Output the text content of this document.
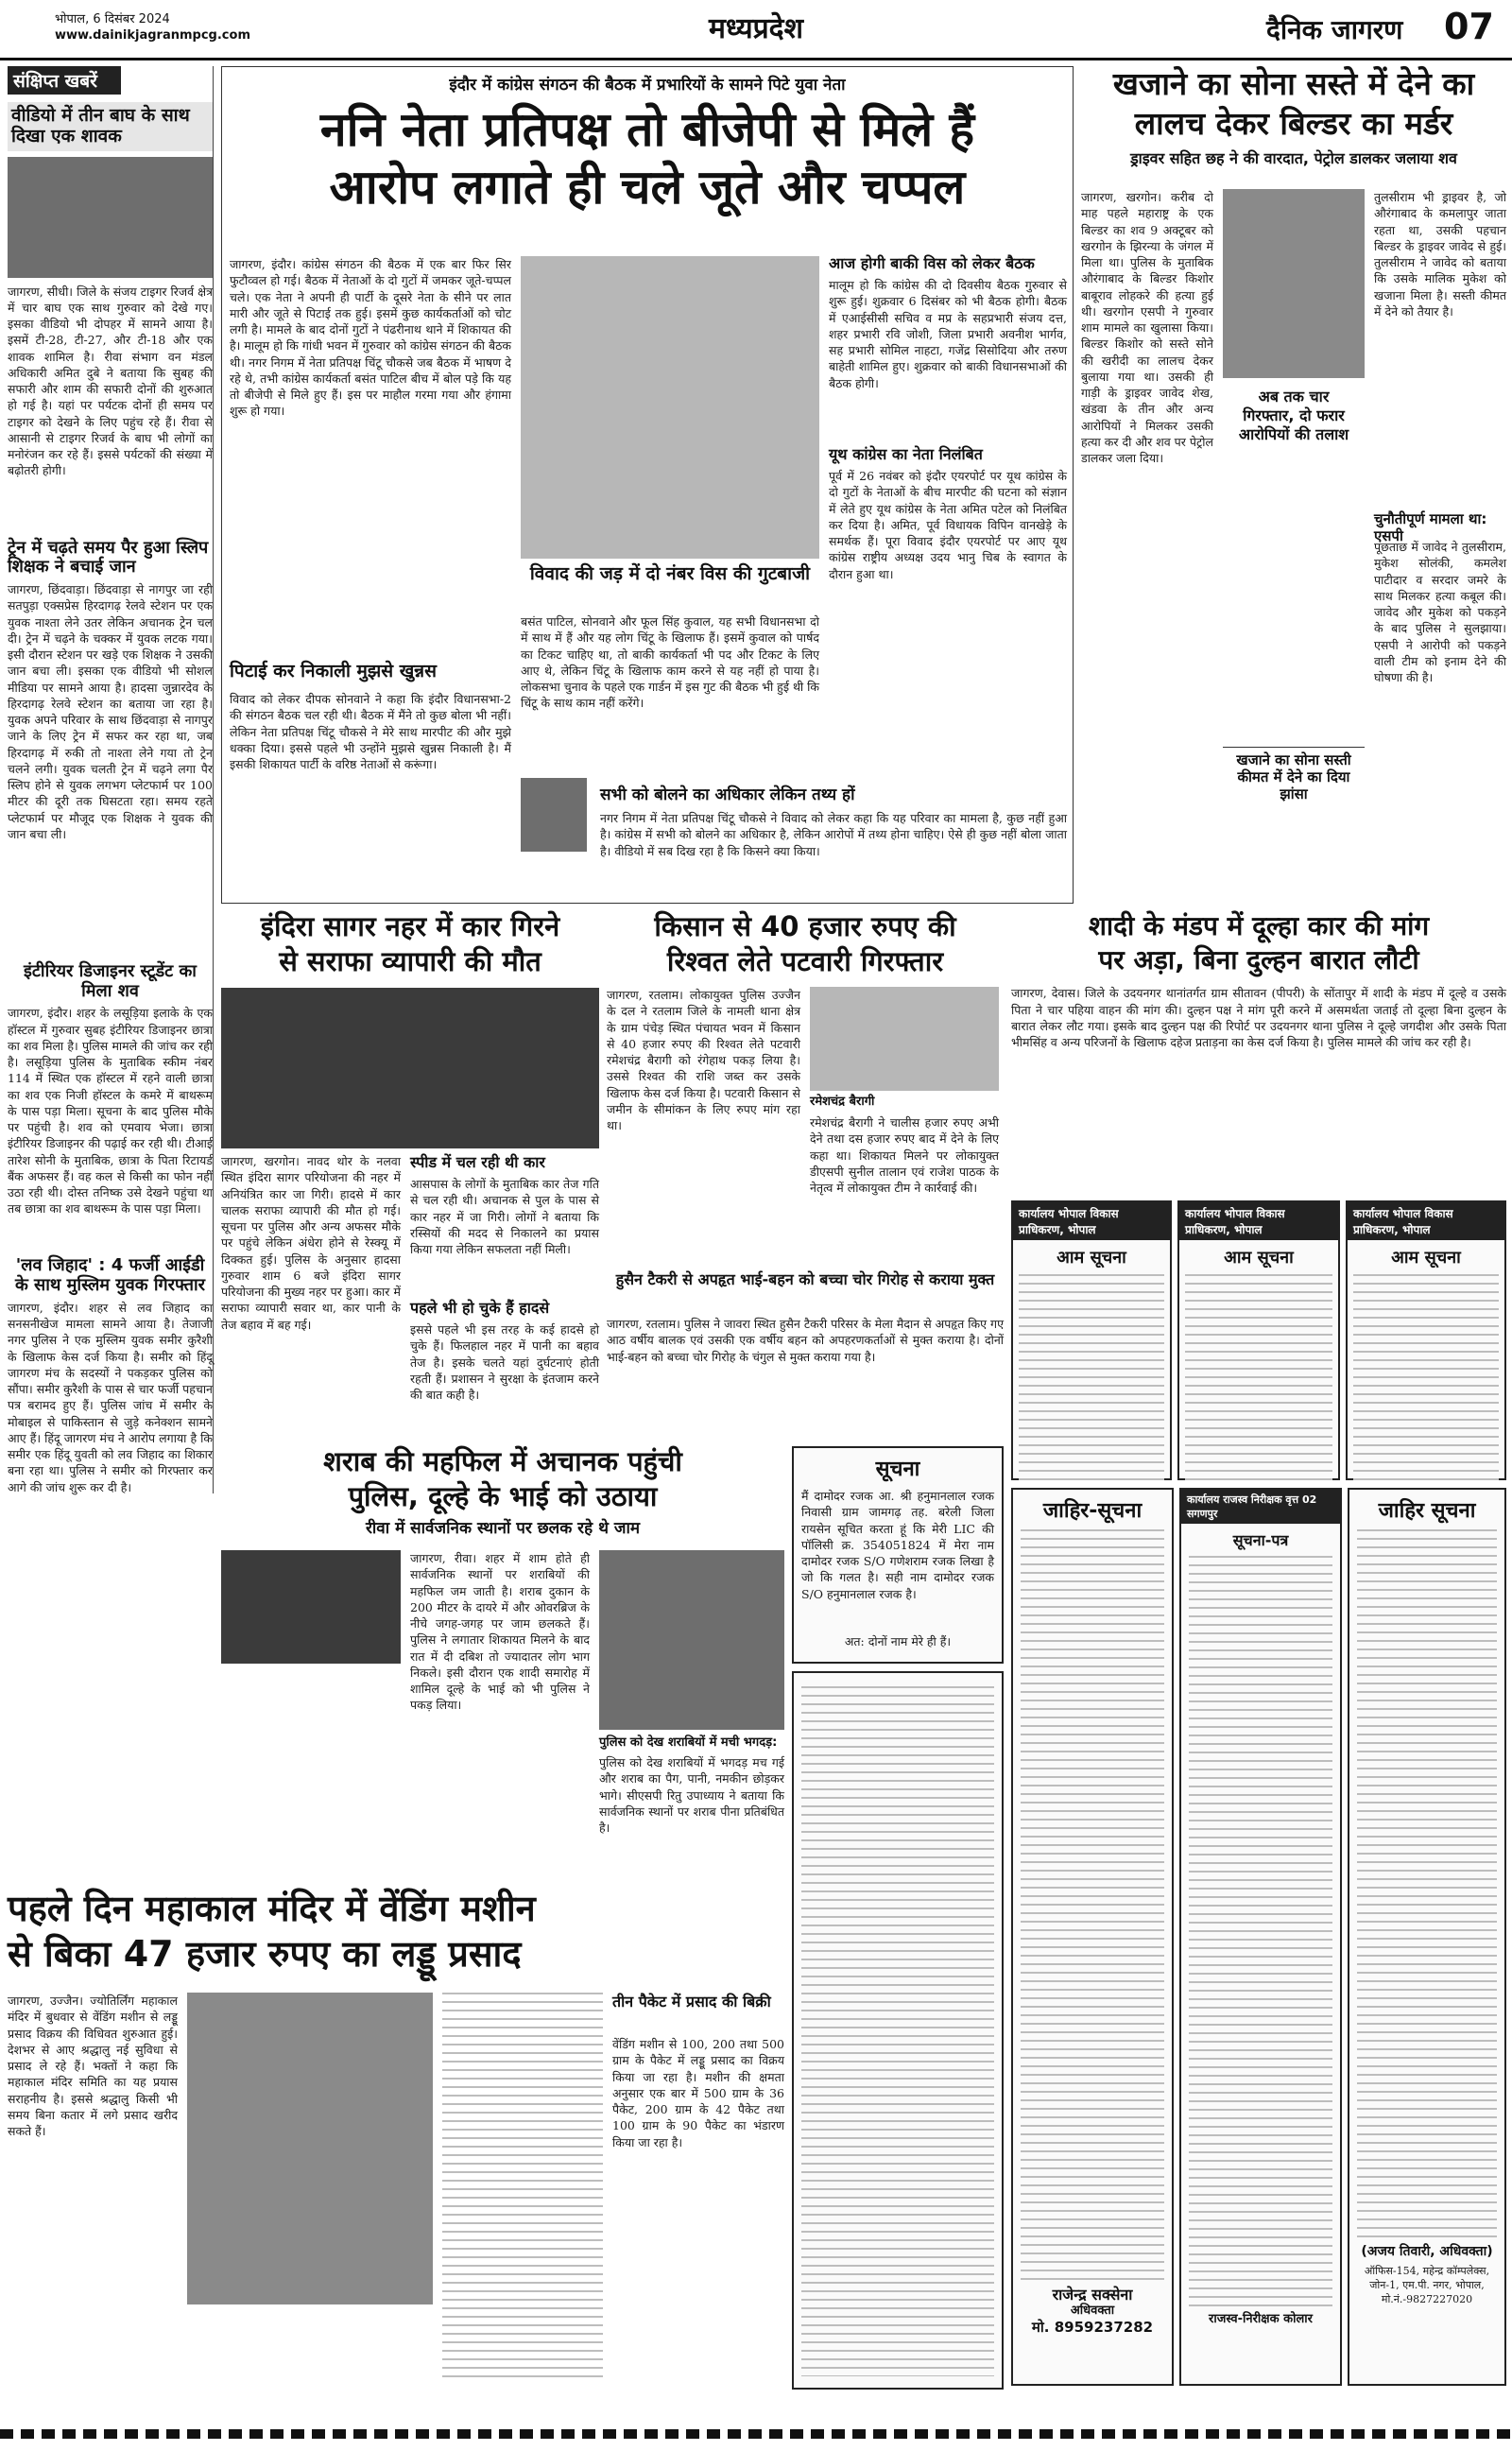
भोपाल, 6 दिसंबर 2024
www.dainikjagranmpcg.com	मध्यप्रदेश	दैनिक जागरण 07
संक्षिप्त खबरें
वीडियो में तीन बाघ के साथ दिखा एक शावक
जागरण, सीधी। जिले के संजय टाइगर रिजर्व क्षेत्र में चार बाघ एक साथ गुरुवार को देखे गए। इसका वीडियो भी दोपहर में सामने आया है। इसमें टी-28, टी-27, और टी-18 और एक शावक शामिल है। रीवा संभाग वन मंडल अधिकारी अमित दुबे ने बताया कि सुबह की सफारी और शाम की सफारी दोनों की शुरुआत हो गई है। यहां पर पर्यटक दोनों ही समय पर टाइगर को देखने के लिए पहुंच रहे हैं। रीवा से आसानी से टाइगर रिजर्व के बाघ भी लोगों का मनोरंजन कर रहे हैं। इससे पर्यटकों की संख्या में बढ़ोतरी होगी।
ट्रेन में चढ़ते समय पैर हुआ स्लिप शिक्षक ने बचाई जान
जागरण, छिंदवाड़ा। छिंदवाड़ा से नागपुर जा रही सतपुड़ा एक्सप्रेस हिरदागढ़ रेलवे स्टेशन पर एक युवक नाश्ता लेने उतर लेकिन अचानक ट्रेन चल दी। ट्रेन में चढ़ने के चक्कर में युवक लटक गया। इसी दौरान स्टेशन पर खड़े एक शिक्षक ने उसकी जान बचा ली। इसका एक वीडियो भी सोशल मीडिया पर सामने आया है। हादसा जुन्नारदेव के हिरदागढ़ रेलवे स्टेशन का बताया जा रहा है। युवक अपने परिवार के साथ छिंदवाड़ा से नागपुर जाने के लिए ट्रेन में सफर कर रहा था, जब हिरदागढ़ में रुकी तो नाश्ता लेने गया तो ट्रेन चलने लगी। युवक चलती ट्रेन में चढ़ने लगा पैर स्लिप होने से युवक लगभग प्लेटफार्म पर 100 मीटर की दूरी तक घिसटता रहा। समय रहते प्लेटफार्म पर मौजूद एक शिक्षक ने युवक की जान बचा ली।
इंटीरियर डिजाइनर स्टूडेंट का मिला शव
जागरण, इंदौर। शहर के लसूड़िया इलाके के एक हॉस्टल में गुरुवार सुबह इंटीरियर डिजाइनर छात्रा का शव मिला है। पुलिस मामले की जांच कर रही है। लसूड़िया पुलिस के मुताबिक स्कीम नंबर 114 में स्थित एक हॉस्टल में रहने वाली छात्रा का शव एक निजी हॉस्टल के कमरे में बाथरूम के पास पड़ा मिला। सूचना के बाद पुलिस मौके पर पहुंची है। शव को एमवाय भेजा। छात्रा इंटीरियर डिजाइनर की पढ़ाई कर रही थी। टीआई तारेश सोनी के मुताबिक, छात्रा के पिता रिटायर्ड बैंक अफसर हैं। वह कल से किसी का फोन नहीं उठा रही थी। दोस्त तनिष्क उसे देखने पहुंचा था तब छात्रा का शव बाथरूम के पास पड़ा मिला।
'लव जिहाद' : 4 फर्जी आईडी के साथ मुस्लिम युवक गिरफ्तार
जागरण, इंदौर। शहर से लव जिहाद का सनसनीखेज मामला सामने आया है। तेजाजी नगर पुलिस ने एक मुस्लिम युवक समीर कुरैशी के खिलाफ केस दर्ज किया है। समीर को हिंदू जागरण मंच के सदस्यों ने पकड़कर पुलिस को सौंपा। समीर कुरैशी के पास से चार फर्जी पहचान पत्र बरामद हुए हैं। पुलिस जांच में समीर के मोबाइल से पाकिस्तान से जुड़े कनेक्शन सामने आए हैं। हिंदू जागरण मंच ने आरोप लगाया है कि समीर एक हिंदू युवती को लव जिहाद का शिकार बना रहा था। पुलिस ने समीर को गिरफ्तार कर आगे की जांच शुरू कर दी है।
इंदौर में कांग्रेस संगठन की बैठक में प्रभारियों के सामने पिटे युवा नेता
ननि नेता प्रतिपक्ष तो बीजेपी से मिले हैं
आरोप लगाते ही चले जूते और चप्पल
जागरण, इंदौर। कांग्रेस संगठन की बैठक में एक बार फिर सिर फुटौव्वल हो गई। बैठक में नेताओं के दो गुटों में जमकर जूते-चप्पल चले। एक नेता ने अपनी ही पार्टी के दूसरे नेता के सीने पर लात मारी और जूते से पिटाई तक हुई। इसमें कुछ कार्यकर्ताओं को चोट लगी है। मामले के बाद दोनों गुटों ने पंढरीनाथ थाने में शिकायत की है। मालूम हो कि गांधी भवन में गुरुवार को कांग्रेस संगठन की बैठक थी। नगर निगम में नेता प्रतिपक्ष चिंटू चौकसे जब बैठक में भाषण दे रहे थे, तभी कांग्रेस कार्यकर्ता बसंत पाटिल बीच में बोल पड़े कि यह तो बीजेपी से मिले हुए हैं। इस पर माहौल गरमा गया और हंगामा शुरू हो गया।
विवाद की जड़ में दो नंबर विस की गुटबाजी
बसंत पाटिल, सोनवाने और फूल सिंह कुवाल, यह सभी विधानसभा दो में साथ में हैं और यह लोग चिंटू के खिलाफ हैं। इसमें कुवाल को पार्षद का टिकट चाहिए था, तो बाकी कार्यकर्ता भी पद और टिकट के लिए आए थे, लेकिन चिंटू के खिलाफ काम करने से यह नहीं हो पाया है। लोकसभा चुनाव के पहले एक गार्डन में इस गुट की बैठक भी हुई थी कि चिंटू के साथ काम नहीं करेंगे।
पिटाई कर निकाली मुझसे खुन्नस
विवाद को लेकर दीपक सोनवाने ने कहा कि इंदौर विधानसभा-2 की संगठन बैठक चल रही थी। बैठक में मैंने तो कुछ बोला भी नहीं। लेकिन नेता प्रतिपक्ष चिंटू चौकसे ने मेरे साथ मारपीट की और मुझे धक्का दिया। इससे पहले भी उन्होंने मुझसे खुन्नस निकाली है। मैं इसकी शिकायत पार्टी के वरिष्ठ नेताओं से करूंगा।
आज होगी बाकी विस को लेकर बैठक
मालूम हो कि कांग्रेस की दो दिवसीय बैठक गुरुवार से शुरू हुई। शुक्रवार 6 दिसंबर को भी बैठक होगी। बैठक में एआईसीसी सचिव व मप्र के सहप्रभारी संजय दत्त, शहर प्रभारी रवि जोशी, जिला प्रभारी अवनीश भार्गव, सह प्रभारी सोमिल नाहटा, गजेंद्र सिसोदिया और तरुण बाहेती शामिल हुए। शुक्रवार को बाकी विधानसभाओं की बैठक होगी।
यूथ कांग्रेस का नेता निलंबित
पूर्व में 26 नवंबर को इंदौर एयरपोर्ट पर यूथ कांग्रेस के दो गुटों के नेताओं के बीच मारपीट की घटना को संज्ञान में लेते हुए यूथ कांग्रेस के नेता अमित पटेल को निलंबित कर दिया है। अमित, पूर्व विधायक विपिन वानखेड़े के समर्थक हैं। पूरा विवाद इंदौर एयरपोर्ट पर आए यूथ कांग्रेस राष्ट्रीय अध्यक्ष उदय भानु चिब के स्वागत के दौरान हुआ था।
सभी को बोलने का अधिकार लेकिन तथ्य हों
नगर निगम में नेता प्रतिपक्ष चिंटू चौकसे ने विवाद को लेकर कहा कि यह परिवार का मामला है, कुछ नहीं हुआ है। कांग्रेस में सभी को बोलने का अधिकार है, लेकिन आरोपों में तथ्य होना चाहिए। ऐसे ही कुछ नहीं बोला जाता है। वीडियो में सब दिख रहा है कि किसने क्या किया।
खजाने का सोना सस्ते में देने का
लालच देकर बिल्डर का मर्डर
ड्राइवर सहित छह ने की वारदात, पेट्रोल डालकर जलाया शव
जागरण, खरगोन। करीब दो माह पहले महाराष्ट्र के एक बिल्डर का शव 9 अक्टूबर को खरगोन के झिरन्या के जंगल में मिला था। पुलिस के मुताबिक औरंगाबाद के बिल्डर किशोर बाबूराव लोहकरे की हत्या हुई थी। खरगोन एसपी ने गुरुवार शाम मामले का खुलासा किया। बिल्डर किशोर को सस्ते सोने की खरीदी का लालच देकर बुलाया गया था। उसकी ही गाड़ी के ड्राइवर जावेद शेख, खंडवा के तीन और अन्य आरोपियों ने मिलकर उसकी हत्या कर दी और शव पर पेट्रोल डालकर जला दिया।
अब तक चार
गिरफ्तार, दो फरार
आरोपियों की तलाश
तुलसीराम भी ड्राइवर है, जो औरंगाबाद के कमलापुर जाता रहता था, उसकी पहचान बिल्डर के ड्राइवर जावेद से हुई। तुलसीराम ने जावेद को बताया कि उसके मालिक मुकेश को खजाना मिला है। सस्ती कीमत में देने को तैयार है।
खजाने का सोना सस्ती कीमत में देने का दिया झांसा
चुनौतीपूर्ण मामला था: एसपी
पूछताछ में जावेद ने तुलसीराम, मुकेश सोलंकी, कमलेश पाटीदार व सरदार जमरे के साथ मिलकर हत्या कबूल की। जावेद और मुकेश को पकड़ने के बाद पुलिस ने सुलझाया। एसपी ने आरोपी को पकड़ने वाली टीम को इनाम देने की घोषणा की है।
इंदिरा सागर नहर में कार गिरने
से सराफा व्यापारी की मौत
जागरण, खरगोन। नावद थोर के नलवा स्थित इंदिरा सागर परियोजना की नहर में अनियंत्रित कार जा गिरी। हादसे में कार चालक सराफा व्यापारी की मौत हो गई। सूचना पर पुलिस और अन्य अफसर मौके पर पहुंचे लेकिन अंधेरा होने से रेस्क्यू में दिक्कत हुई। पुलिस के अनुसार हादसा गुरुवार शाम 6 बजे इंदिरा सागर परियोजना की मुख्य नहर पर हुआ। कार में सराफा व्यापारी सवार था, कार पानी के तेज बहाव में बह गई।
स्पीड में चल रही थी कार
आसपास के लोगों के मुताबिक कार तेज गति से चल रही थी। अचानक से पुल के पास से कार नहर में जा गिरी। लोगों ने बताया कि रस्सियों की मदद से निकालने का प्रयास किया गया लेकिन सफलता नहीं मिली।
पहले भी हो चुके हैं हादसे
इससे पहले भी इस तरह के कई हादसे हो चुके हैं। फिलहाल नहर में पानी का बहाव तेज है। इसके चलते यहां दुर्घटनाएं होती रहती हैं। प्रशासन ने सुरक्षा के इंतजाम करने की बात कही है।
किसान से 40 हजार रुपए की
रिश्वत लेते पटवारी गिरफ्तार
जागरण, रतलाम। लोकायुक्त पुलिस उज्जैन के दल ने रतलाम जिले के नामली थाना क्षेत्र के ग्राम पंचेड़ स्थित पंचायत भवन में किसान से 40 हजार रुपए की रिश्वत लेते पटवारी रमेशचंद्र बैरागी को रंगेहाथ पकड़ लिया है। उससे रिश्वत की राशि जब्त कर उसके खिलाफ केस दर्ज किया है। पटवारी किसान से जमीन के सीमांकन के लिए रुपए मांग रहा था।
रमेशचंद्र बैरागी
रमेशचंद्र बैरागी ने चालीस हजार रुपए अभी देने तथा दस हजार रुपए बाद में देने के लिए कहा था। शिकायत मिलने पर लोकायुक्त डीएसपी सुनील तालान एवं राजेश पाठक के नेतृत्व में लोकायुक्त टीम ने कार्रवाई की।
हुसैन टैकरी से अपहृत भाई-बहन को बच्चा चोर गिरोह से कराया मुक्त
जागरण, रतलाम। पुलिस ने जावरा स्थित हुसैन टैकरी परिसर के मेला मैदान से अपहृत किए गए आठ वर्षीय बालक एवं उसकी एक वर्षीय बहन को अपहरणकर्ताओं से मुक्त कराया है। दोनों भाई-बहन को बच्चा चोर गिरोह के चंगुल से मुक्त कराया गया है।
शादी के मंडप में दूल्हा कार की मांग
पर अड़ा, बिना दुल्हन बारात लौटी
जागरण, देवास। जिले के उदयनगर थानांतर्गत ग्राम सीतावन (पीपरी) के सोंतापुर में शादी के मंडप में दूल्हे व उसके पिता ने चार पहिया वाहन की मांग की। दुल्हन पक्ष ने मांग पूरी करने में असमर्थता जताई तो दूल्हा बिना दुल्हन के बारात लेकर लौट गया। इसके बाद दुल्हन पक्ष की रिपोर्ट पर उदयनगर थाना पुलिस ने दूल्हे जगदीश और उसके पिता भीमसिंह व अन्य परिजनों के खिलाफ दहेज प्रताड़ना का केस दर्ज किया है। पुलिस मामले की जांच कर रही है।
कार्यालय भोपाल विकास प्राधिकरण, भोपाल
आम सूचना
कार्यालय भोपाल विकास प्राधिकरण, भोपाल
आम सूचना
कार्यालय भोपाल विकास प्राधिकरण, भोपाल
आम सूचना
शराब की महफिल में अचानक पहुंची
पुलिस, दूल्हे के भाई को उठाया
रीवा में सार्वजनिक स्थानों पर छलक रहे थे जाम
जागरण, रीवा। शहर में शाम होते ही सार्वजनिक स्थानों पर शराबियों की महफिल जम जाती है। शराब दुकान के 200 मीटर के दायरे में और ओवरब्रिज के नीचे जगह-जगह पर जाम छलकते हैं। पुलिस ने लगातार शिकायत मिलने के बाद रात में दी दबिश तो ज्यादातर लोग भाग निकले। इसी दौरान एक शादी समारोह में शामिल दूल्हे के भाई को भी पुलिस ने पकड़ लिया।
पुलिस को देख शराबियों में मची भगदड़:
पुलिस को देख शराबियों में भगदड़ मच गई और शराब का पैग, पानी, नमकीन छोड़कर भागे। सीएसपी रितु उपाध्याय ने बताया कि सार्वजनिक स्थानों पर शराब पीना प्रतिबंधित है।
सूचना
मैं दामोदर रजक आ. श्री हनुमानलाल रजक निवासी ग्राम जामगढ़ तह. बरेली जिला रायसेन सूचित करता हूं कि मेरी LIC की पॉलिसी क्र. 354051824 में मेरा नाम दामोदर रजक S/O गणेशराम रजक लिखा है जो कि गलत है। सही नाम दामोदर रजक S/O हनुमानलाल रजक है।
अत: दोनों नाम मेरे ही हैं।
जाहिर-सूचना
राजेन्द्र सक्सेना
अधिवक्ता
मो. 8959237282
कार्यालय राजस्व निरीक्षक वृत्त 02 सगणपुर
सूचना-पत्र
राजस्व-निरीक्षक कोलार
जाहिर सूचना
(अजय तिवारी, अधिवक्ता)
ऑफिस-154, महेन्द्र कॉम्पलेक्स, जोन-1, एम.पी. नगर, भोपाल, मो.नं.-9827227020
पहले दिन महाकाल मंदिर में वेंडिंग मशीन
से बिका 47 हजार रुपए का लड्डू प्रसाद
जागरण, उज्जैन। ज्योतिर्लिंग महाकाल मंदिर में बुधवार से वेंडिंग मशीन से लड्डू प्रसाद विक्रय की विधिवत शुरुआत हुई। देशभर से आए श्रद्धालु नई सुविधा से प्रसाद ले रहे हैं। भक्तों ने कहा कि महाकाल मंदिर समिति का यह प्रयास सराहनीय है। इससे श्रद्धालु किसी भी समय बिना कतार में लगे प्रसाद खरीद सकते हैं।
तीन पैकेट में प्रसाद की बिक्री
वेंडिंग मशीन से 100, 200 तथा 500 ग्राम के पैकेट में लड्डू प्रसाद का विक्रय किया जा रहा है। मशीन की क्षमता अनुसार एक बार में 500 ग्राम के 36 पैकेट, 200 ग्राम के 42 पैकेट तथा 100 ग्राम के 90 पैकेट का भंडारण किया जा रहा है।
